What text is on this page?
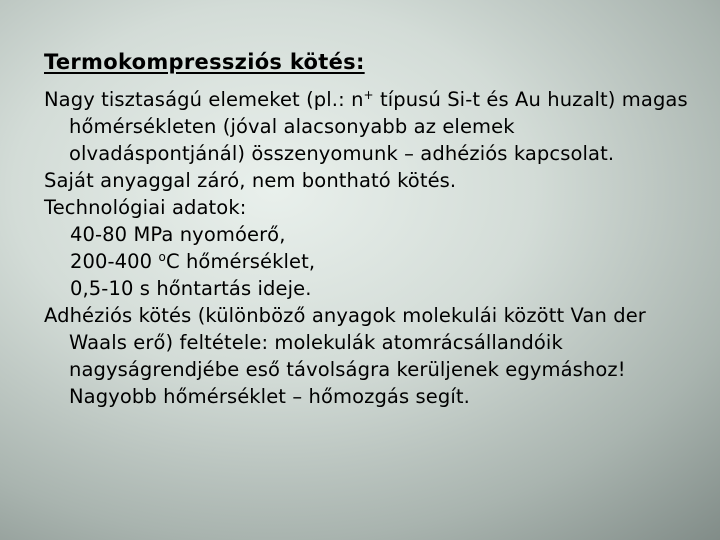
Termokompressziós kötés:
Nagy tisztaságú elemeket (pl.: n+ típusú Si-t és Au huzalt) magas hőmérsékleten (jóval alacsonyabb az elemek olvadáspontjánál) összenyomunk – adhéziós kapcsolat.
Saját anyaggal záró, nem bontható kötés.
Technológiai adatok:
40-80 MPa nyomóerő,
200-400 $^o$C hőmérséklet,
0,5-10 s hőntartás ideje.
Adhéziós kötés (különböző anyagok molekulái között Van der Waals erő) feltétele: molekulák atomrácsállandóik nagyságrendjébe eső távolságra kerüljenek egymáshoz! Nagyobb hőmérséklet – hőmozgás segít.
